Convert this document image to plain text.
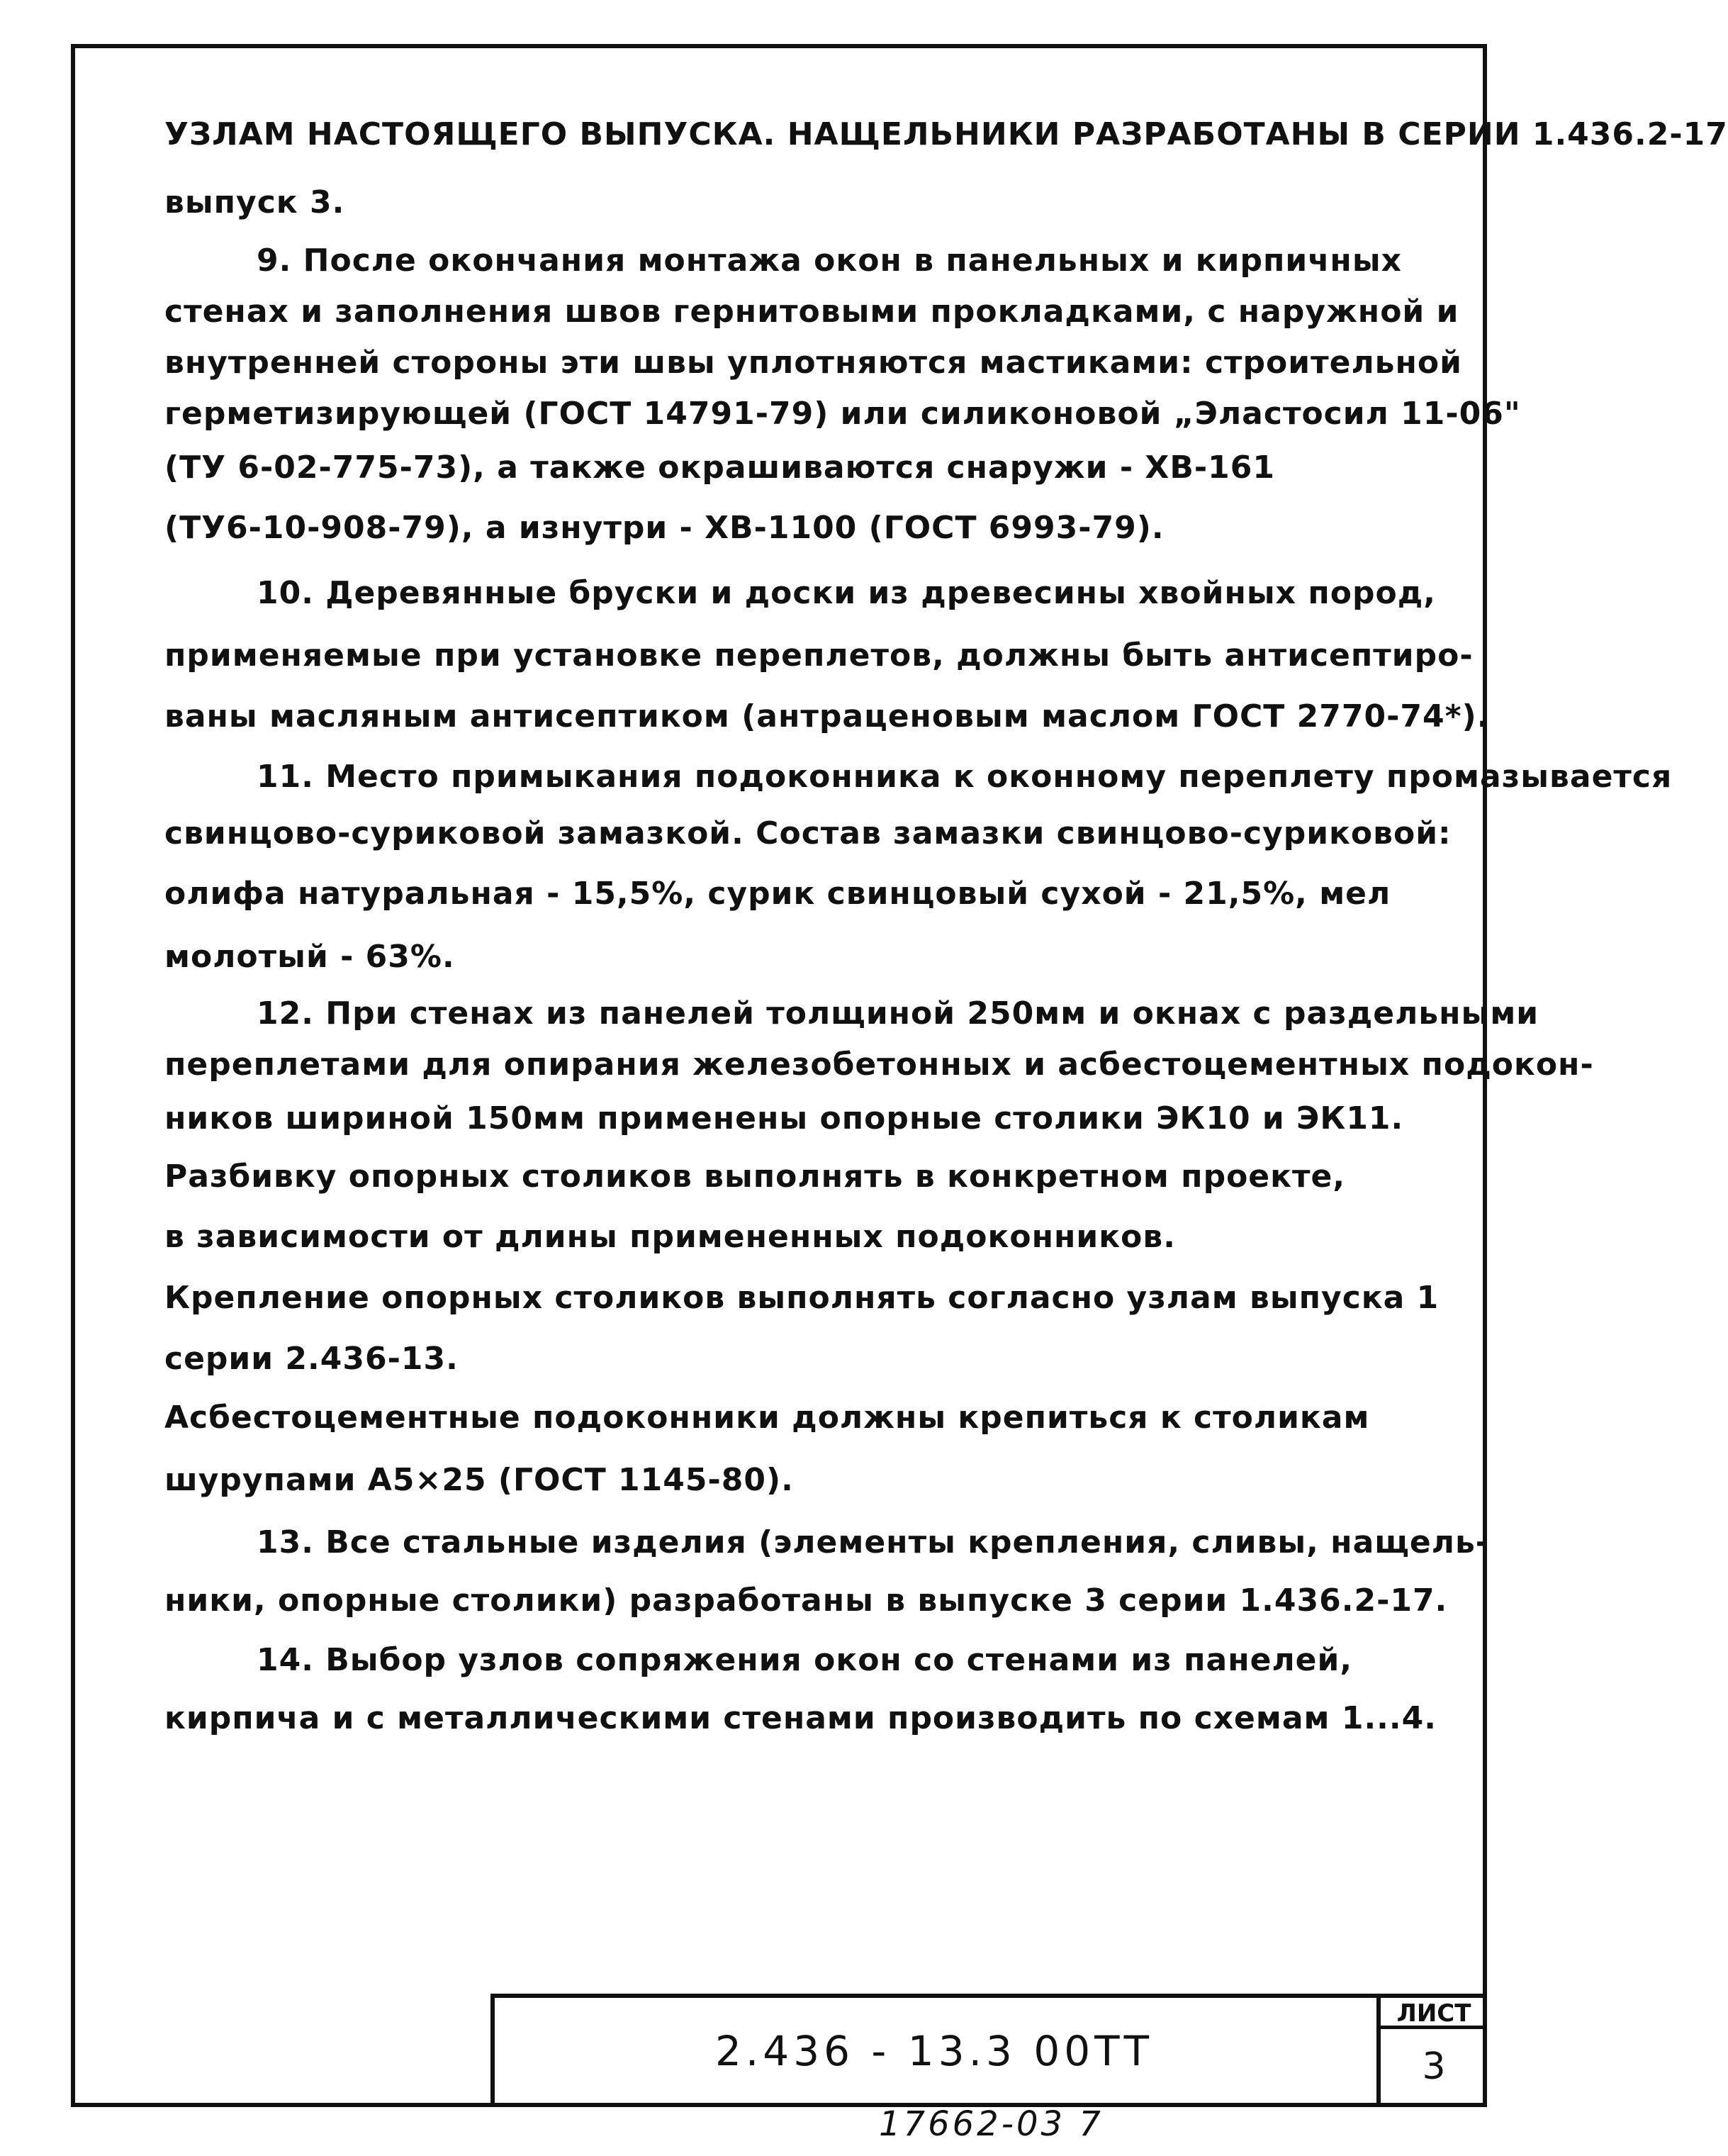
УЗЛАМ НАСТОЯЩЕГО ВЫПУСКА. НАЩЕЛЬНИКИ РАЗРАБОТАНЫ В СЕРИИ 1.436.2-17
выпуск 3.
9. После окончания монтажа окон в панельных и кирпичных
стенах и заполнения швов гернитовыми прокладками, с наружной и
внутренней стороны эти швы уплотняются мастиками: строительной
герметизирующей (ГОСТ 14791-79) или силиконовой „Эластосил 11-06"
(ТУ 6-02-775-73), а также окрашиваются снаружи - ХВ-161
(ТУ6-10-908-79), а изнутри - ХВ-1100 (ГОСТ 6993-79).
10. Деревянные бруски и доски из древесины хвойных пород,
применяемые при установке переплетов, должны быть антисептиро-
ваны масляным антисептиком (антраценовым маслом ГОСТ 2770-74*).
11. Место примыкания подоконника к оконному переплету промазывается
свинцово-суриковой замазкой. Состав замазки свинцово-суриковой:
олифа натуральная - 15,5%, сурик свинцовый сухой - 21,5%, мел
молотый - 63%.
12. При стенах из панелей толщиной 250мм и окнах с раздельными
переплетами для опирания железобетонных и асбестоцементных подокон-
ников шириной 150мм применены опорные столики ЭК10 и ЭК11.
Разбивку опорных столиков выполнять в конкретном проекте,
в зависимости от длины примененных подоконников.
Крепление опорных столиков выполнять согласно узлам выпуска 1
серии 2.436-13.
Асбестоцементные подоконники должны крепиться к столикам
шурупами А5×25 (ГОСТ 1145-80).
13. Все стальные изделия (элементы крепления, сливы, нащель-
ники, опорные столики) разработаны в выпуске 3 серии 1.436.2-17.
14. Выбор узлов сопряжения окон со стенами из панелей,
кирпича и с металлическими стенами производить по схемам 1...4.
2.436 - 13.3 00ТТ
ЛИСТ
3
17662-03 7
